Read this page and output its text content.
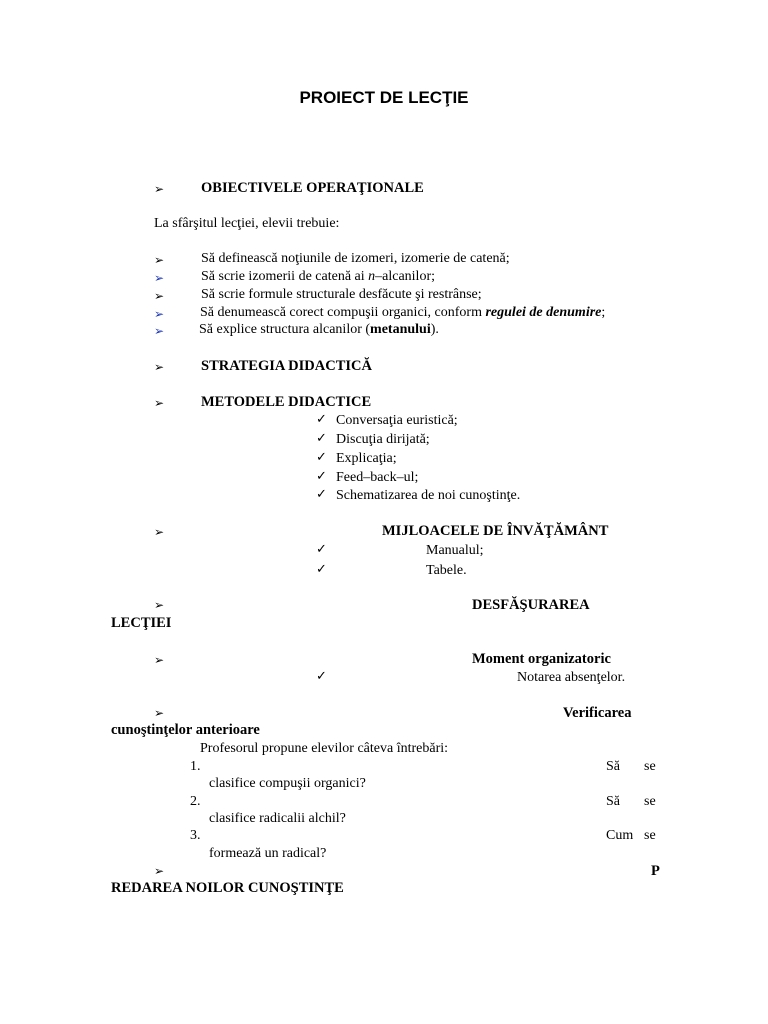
PROIECT DE LECŢIE
➢	OBIECTIVELE OPERAŢIONALE
La sfârşitul lecţiei, elevii trebuie:
➢	Să definească noţiunile de izomeri, izomerie de catenă;
➢	Să scrie izomerii de catenă ai n–alcanilor;
➢	Să scrie formule structurale desfăcute şi restrânse;
➢	Să denumească corect compuşii organici, conform regulei de denumire;
➢ Să explice structura alcanilor (metanului).
➢	STRATEGIA DIDACTICĂ
➢	METODELE DIDACTICE
✓ Conversaţia euristică;
✓ Discuţia dirijată;
✓ Explicaţia;
✓ Feed–back–ul;
✓ Schematizarea de noi cunoştinţe.
➢	MIJLOACELE DE ÎNVĂŢĂMÂNT
✓	Manualul;
✓	Tabele.
➢	DESFĂŞURAREA
LECŢIEI
➢	Moment organizatoric
✓	Notarea absenţelor.
➢	Verificarea
cunoştinţelor anterioare
Profesorul propune elevilor câteva întrebări:
1.	Să se
clasifice compuşii organici?
2.	Să se
clasifice radicalii alchil?
3.	Cum se
formează un radical?
➢	P
REDAREA NOILOR CUNOŞTINŢE
